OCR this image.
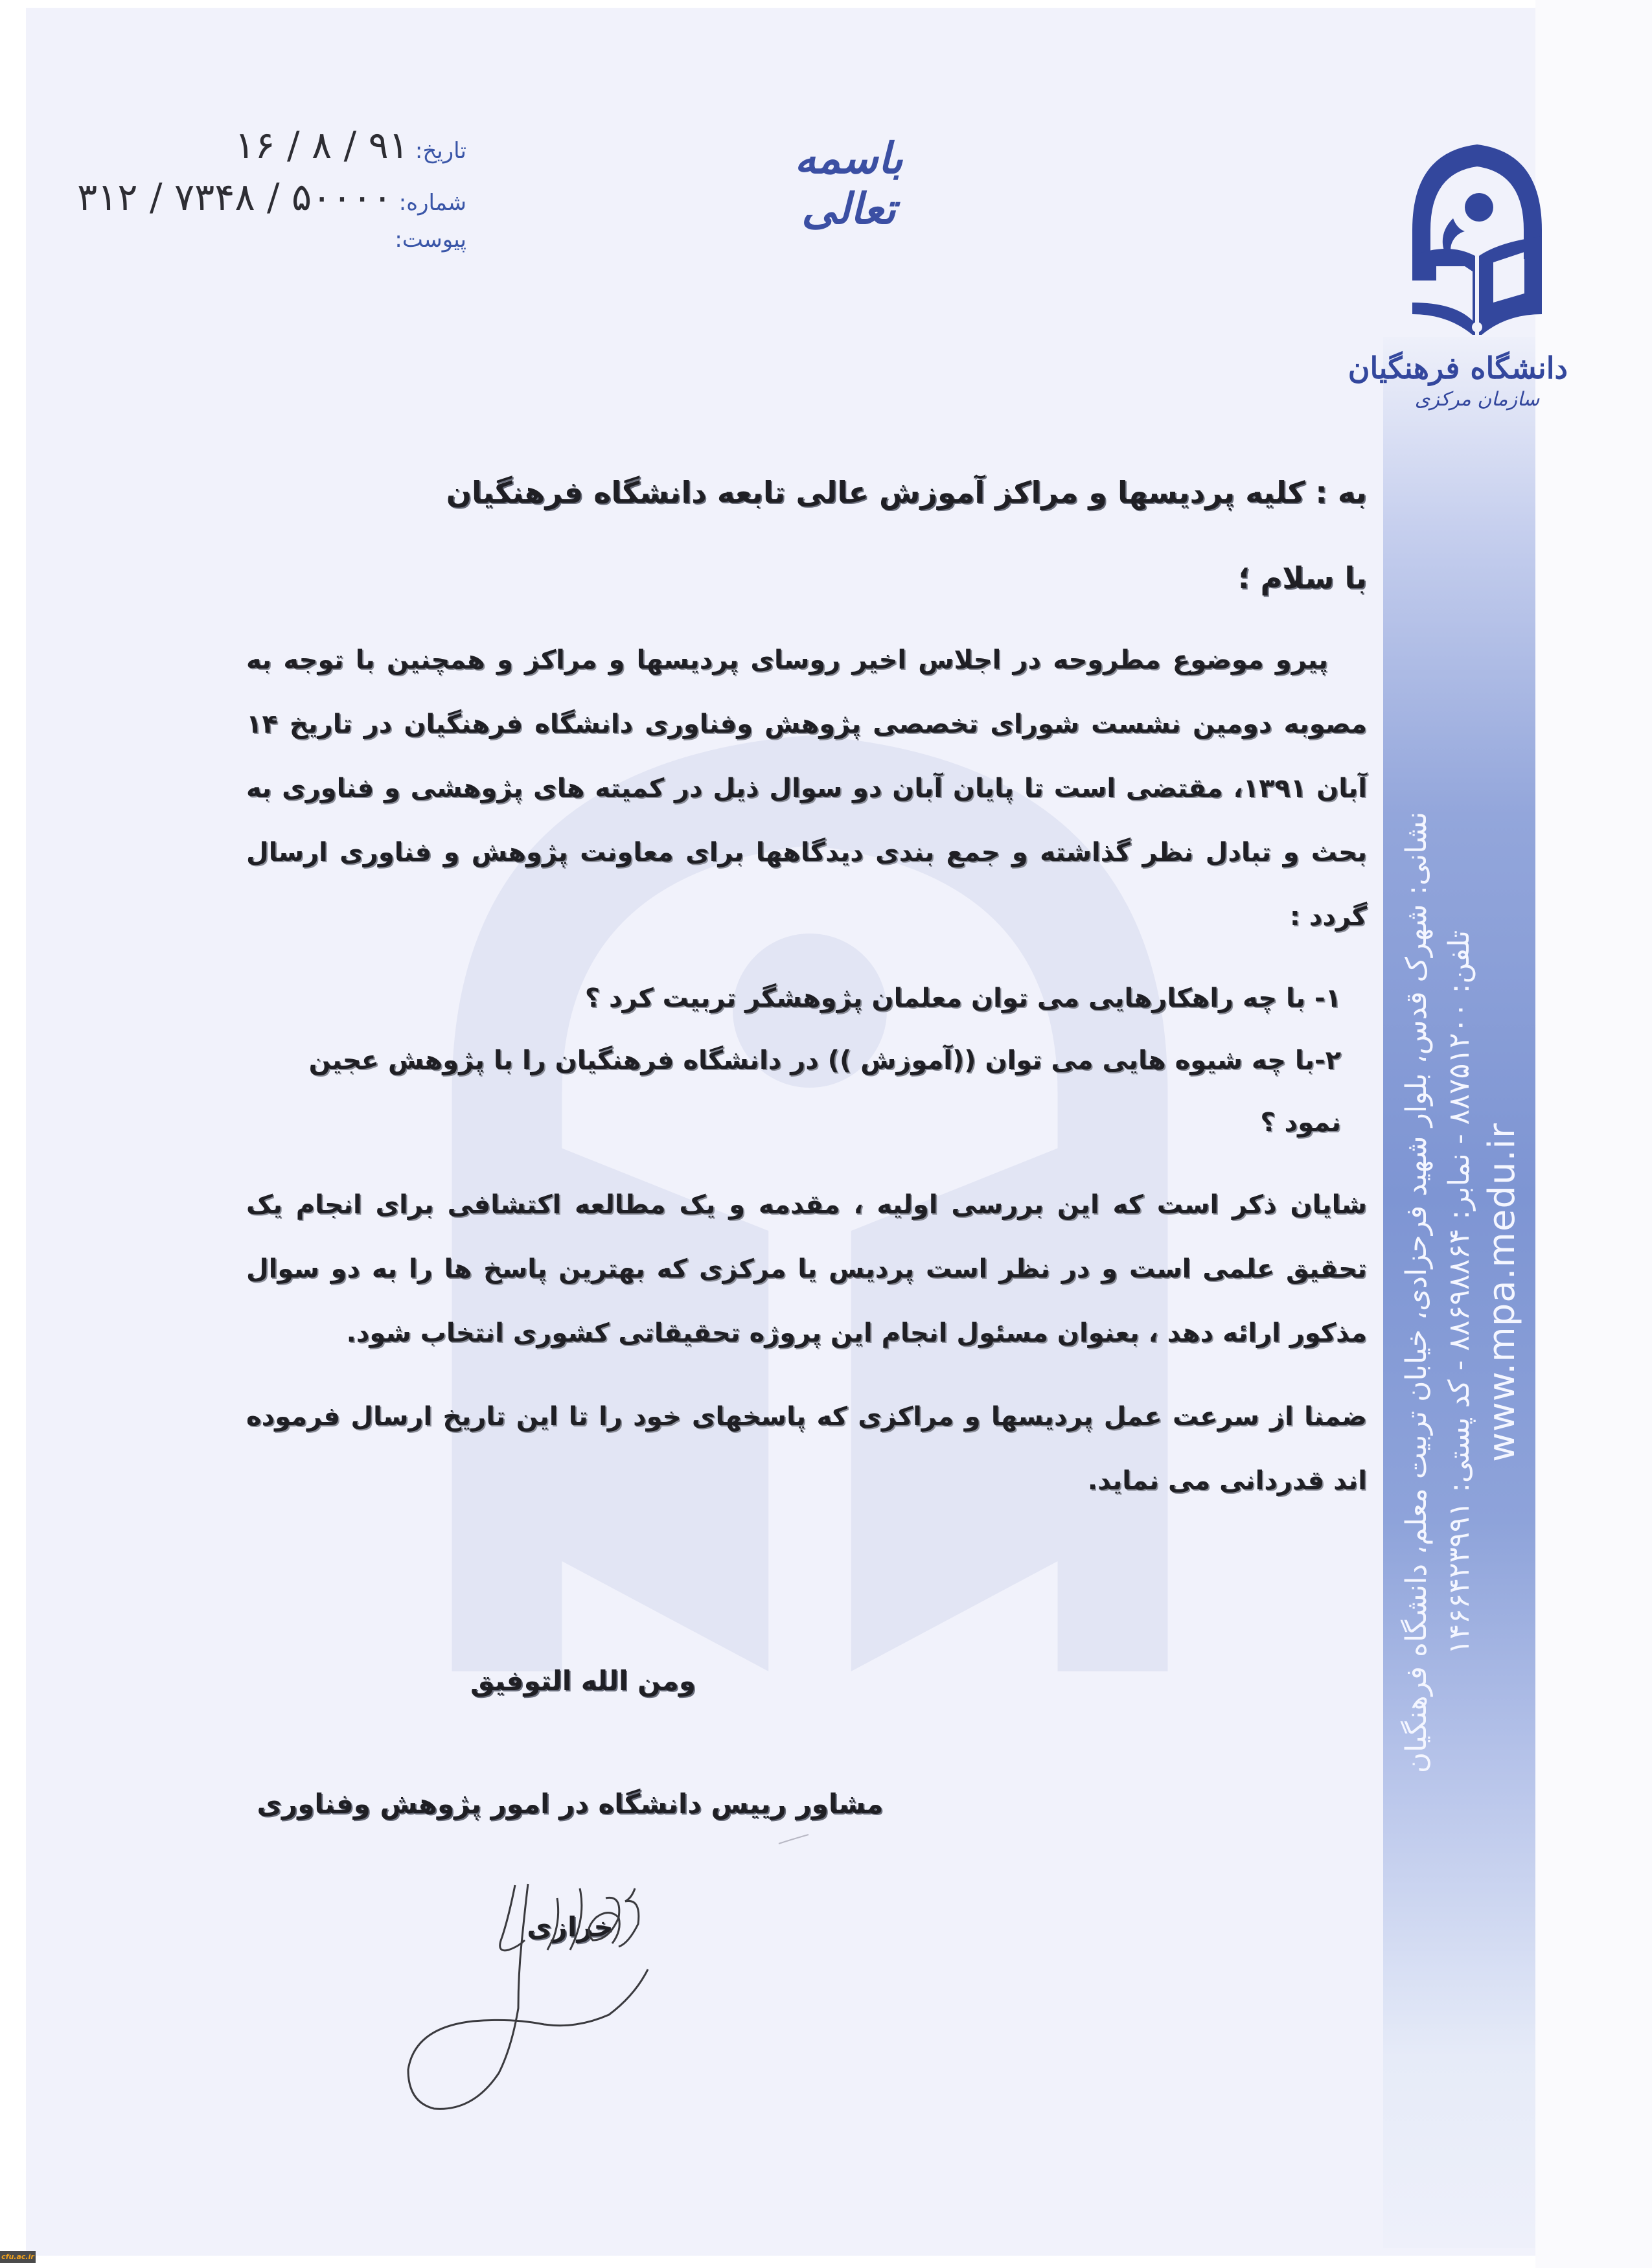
نشانی: شهرک قدس، بلوار شهید فرحزادی، خیابان تربیت معلم، دانشگاه فرهنگیان تلفن: ۸۸۷۵۱۲۰۰ - نمابر: ۸۸۶۹۸۸۶۴ - کد پستی: ۱۴۶۶۴۲۳۹۹۱
www.mpa.medu.ir
تاریخ:
۹۱ / ۸ / ۱۶
شماره:
۵۰۰۰۰ / ۷۳۴۸ / ۳۱۲
پیوست:
باسمه تعالی
دانشگاه فرهنگیان
سازمان مرکزی
به : کلیه پردیسها و مراکز آموزش عالی تابعه دانشگاه فرهنگیان
با سلام ؛
پیرو موضوع مطروحه در اجلاس اخیر روسای پردیسها و مراکز و همچنین با توجه به مصوبه دومین نشست شورای تخصصی پژوهش وفناوری دانشگاه فرهنگیان در تاریخ ۱۴ آبان ۱۳۹۱، مقتضی است تا پایان آبان دو سوال ذیل در کمیته های پژوهشی و فناوری به بحث و تبادل نظر گذاشته و جمع بندی دیدگاهها برای معاونت پژوهش و فناوری ارسال گردد :
۱- با چه راهکارهایی می توان معلمان پژوهشگر تربیت کرد ؟
۲-با چه شیوه هایی می توان ((آموزش )) در دانشگاه فرهنگیان را با پژوهش عجین نمود ؟
شایان ذکر است که این بررسی اولیه ، مقدمه و یک مطالعه اکتشافی برای انجام یک تحقیق علمی است و در نظر است پردیس یا مرکزی که بهترین پاسخ ها را به دو سوال مذکور ارائه دهد ، بعنوان مسئول انجام این پروژه تحقیقاتی کشوری انتخاب شود.
ضمنا از سرعت عمل پردیسها و مراکزی که پاسخهای خود را تا این تاریخ ارسال فرموده اند قدردانی می نماید.
ومن الله التوفیق
مشاور رییس دانشگاه در امور پژوهش وفناوری
خرازی
cfu.ac.ir
